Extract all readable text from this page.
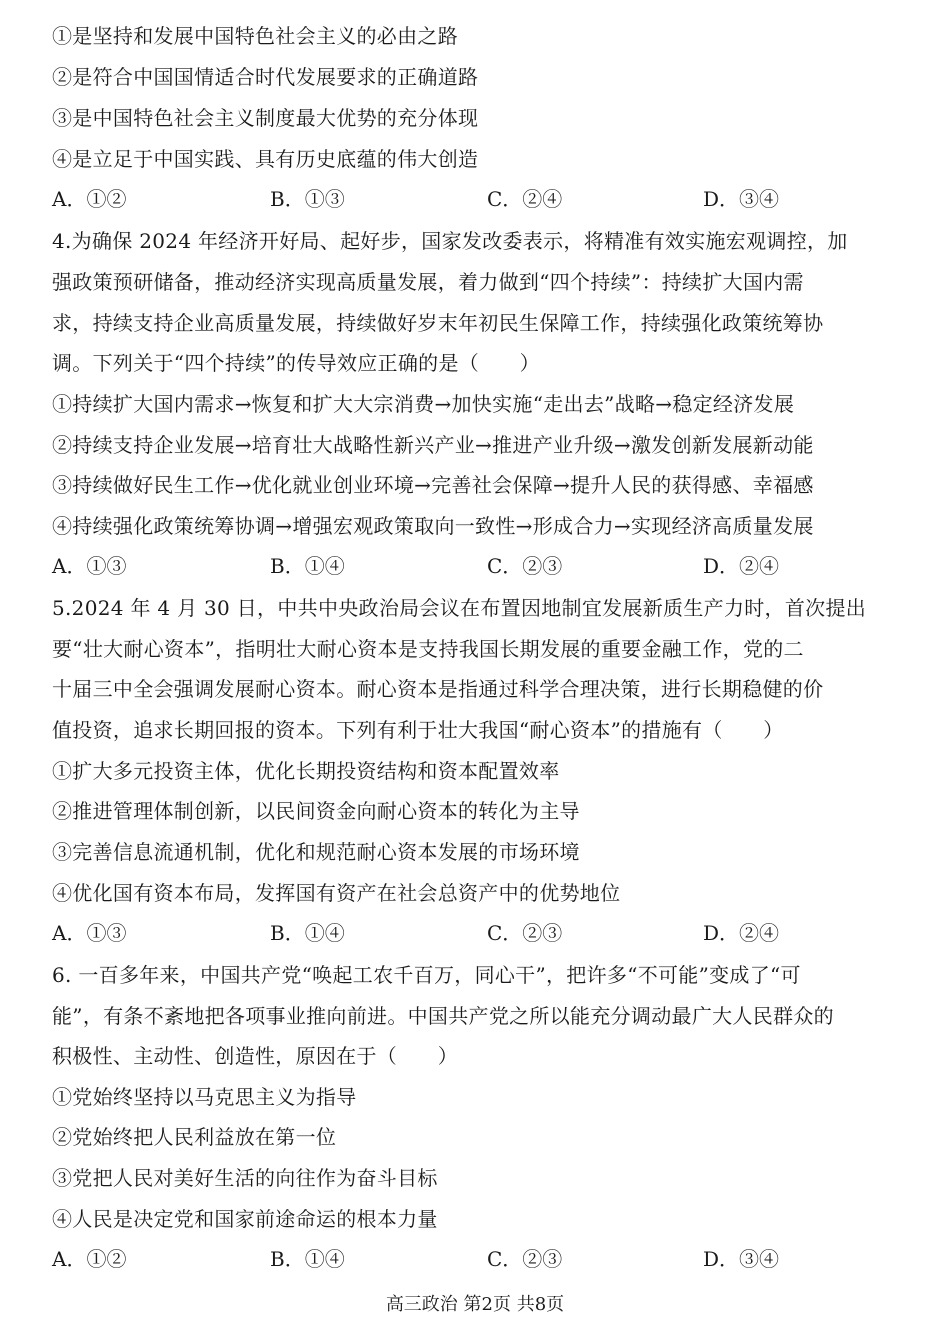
①是坚持和发展中国特色社会主义的必由之路
②是符合中国国情适合时代发展要求的正确道路
③是中国特色社会主义制度最大优势的充分体现
④是立足于中国实践、具有历史底蕴的伟大创造
A．①②	B．①③	C．②④	D．③④
4.为确保 2024 年经济开好局、起好步，国家发改委表示，将精准有效实施宏观调控，加
强政策预研储备，推动经济实现高质量发展，着力做到“四个持续”：持续扩大国内需
求，持续支持企业高质量发展，持续做好岁末年初民生保障工作，持续强化政策统筹协
调。下列关于“四个持续”的传导效应正确的是（　　）
①持续扩大国内需求→恢复和扩大大宗消费→加快实施“走出去”战略→稳定经济发展
②持续支持企业发展→培育壮大战略性新兴产业→推进产业升级→激发创新发展新动能
③持续做好民生工作→优化就业创业环境→完善社会保障→提升人民的获得感、幸福感
④持续强化政策统筹协调→增强宏观政策取向一致性→形成合力→实现经济高质量发展
A．①③	B．①④	C．②③	D．②④
5.2024 年 4 月 30 日，中共中央政治局会议在布置因地制宜发展新质生产力时，首次提出
要“壮大耐心资本”，指明壮大耐心资本是支持我国长期发展的重要金融工作，党的二
十届三中全会强调发展耐心资本。耐心资本是指通过科学合理决策，进行长期稳健的价
值投资，追求长期回报的资本。下列有利于壮大我国“耐心资本”的措施有（　　）
①扩大多元投资主体，优化长期投资结构和资本配置效率
②推进管理体制创新，以民间资金向耐心资本的转化为主导
③完善信息流通机制，优化和规范耐心资本发展的市场环境
④优化国有资本布局，发挥国有资产在社会总资产中的优势地位
A．①③	B．①④	C．②③	D．②④
6. 一百多年来，中国共产党“唤起工农千百万，同心干”，把许多“不可能”变成了“可
能”，有条不紊地把各项事业推向前进。中国共产党之所以能充分调动最广大人民群众的
积极性、主动性、创造性，原因在于（　　）
①党始终坚持以马克思主义为指导
②党始终把人民利益放在第一位
③党把人民对美好生活的向往作为奋斗目标
④人民是决定党和国家前途命运的根本力量
A．①②	B．①④	C．②③	D．③④
高三政治 第2页 共8页
